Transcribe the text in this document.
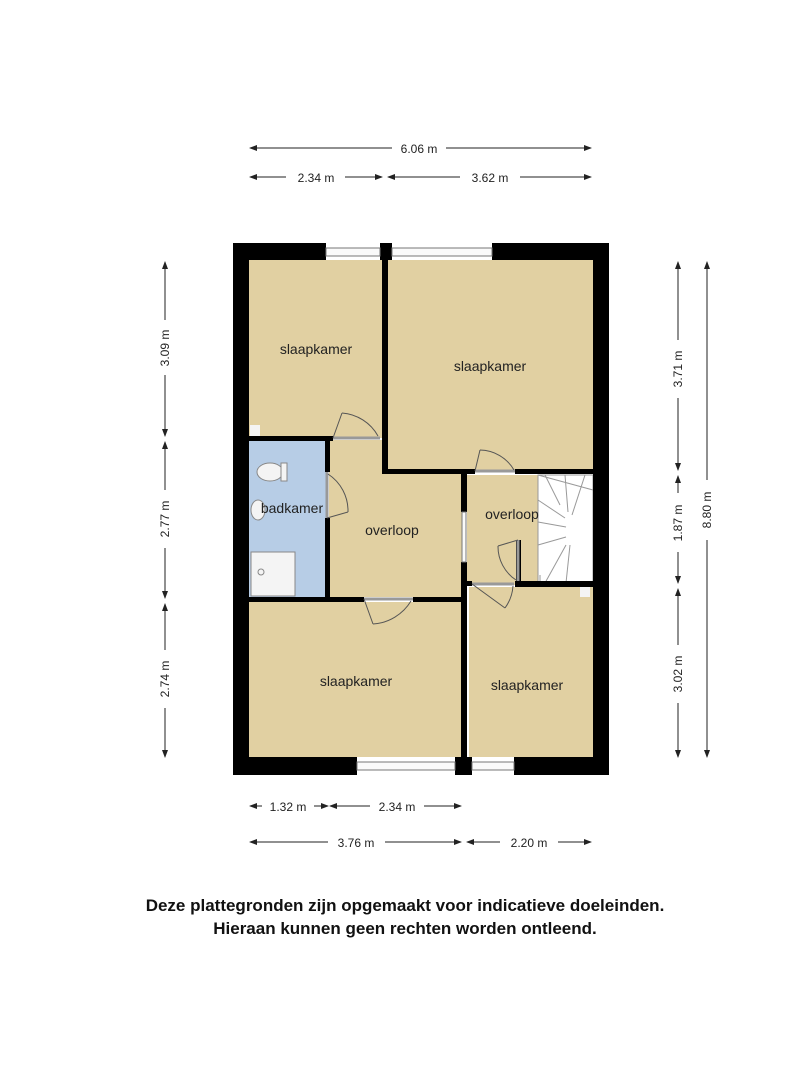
slaapkamer
slaapkamer
badkamer
overloop
overloop
slaapkamer	slaapkamer
6.06 m
2.34 m	3.62 m
3.09 m
2.77 m
2.74 m
3.71 m
1.87 m
3.02 m
8.80 m
1.32 m	2.34 m
3.76 m	2.20 m
Deze plattegronden zijn opgemaakt voor indicatieve doeleinden.
Hieraan kunnen geen rechten worden ontleend.
